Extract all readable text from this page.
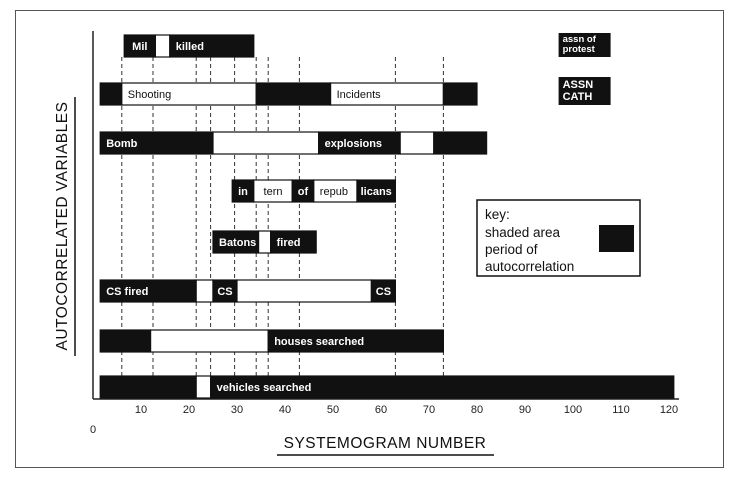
Mil	killed
Shooting	Incidents
Bomb	explosions
in tern of repub licans
Batons fired
CS fired	CS	CS
houses searched
vehicles searched
assn of
protest
ASSN
CATH
key:
shaded area
period of
autocorrelation
10	20	30	40	50	60	70	80	90	100	110	120
0
SYSTEMOGRAM NUMBER
AUTOCORRELATED VARIABLES
